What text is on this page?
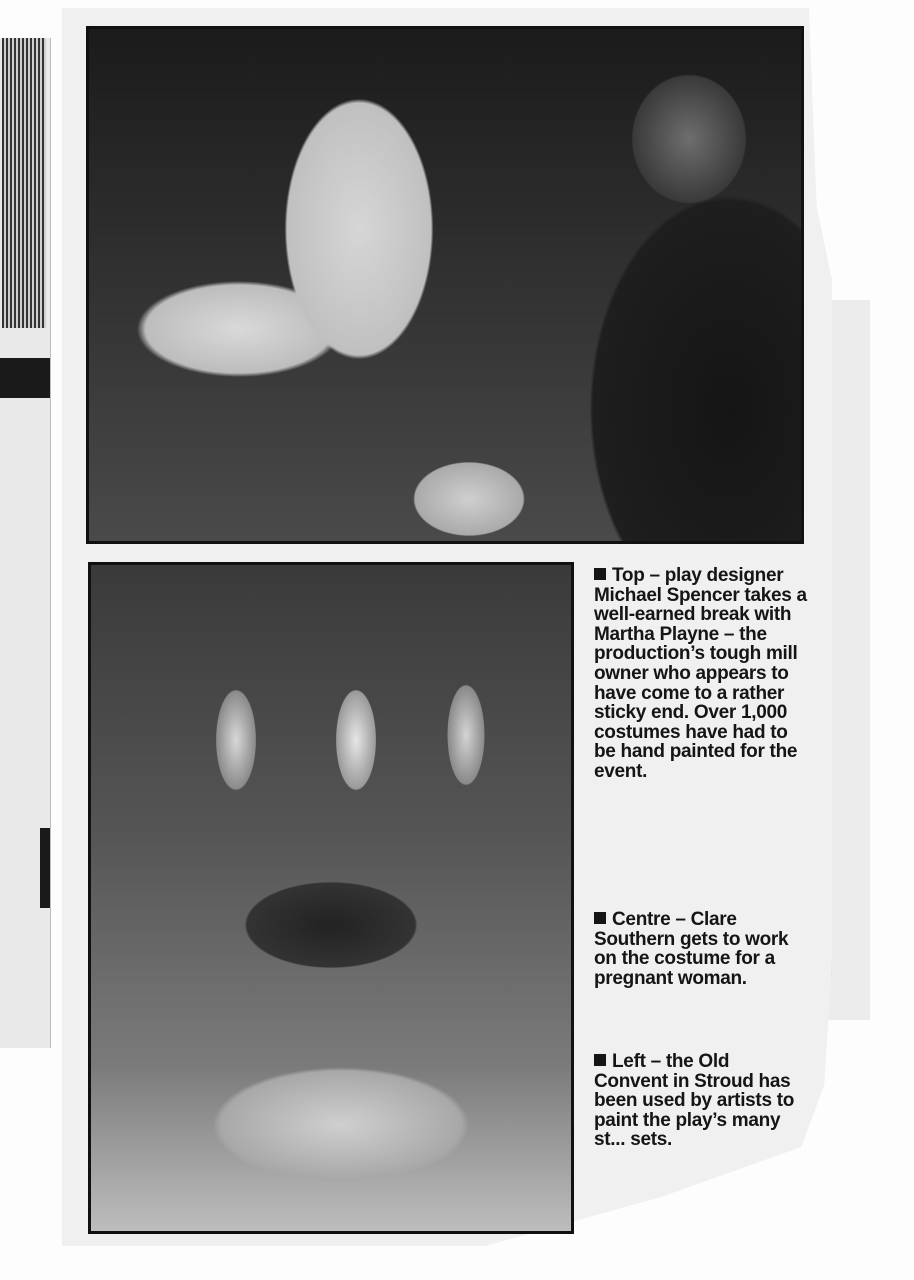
Top – play designer Michael Spencer takes a well-earned break with Martha Playne – the production’s tough mill owner who appears to have come to a rather sticky end. Over 1,000 costumes have had to be hand painted for the event.
Centre – Clare Southern gets to work on the costume for a pregnant woman.
Left – the Old Convent in Stroud has been used by artists to paint the play’s many st... sets.
